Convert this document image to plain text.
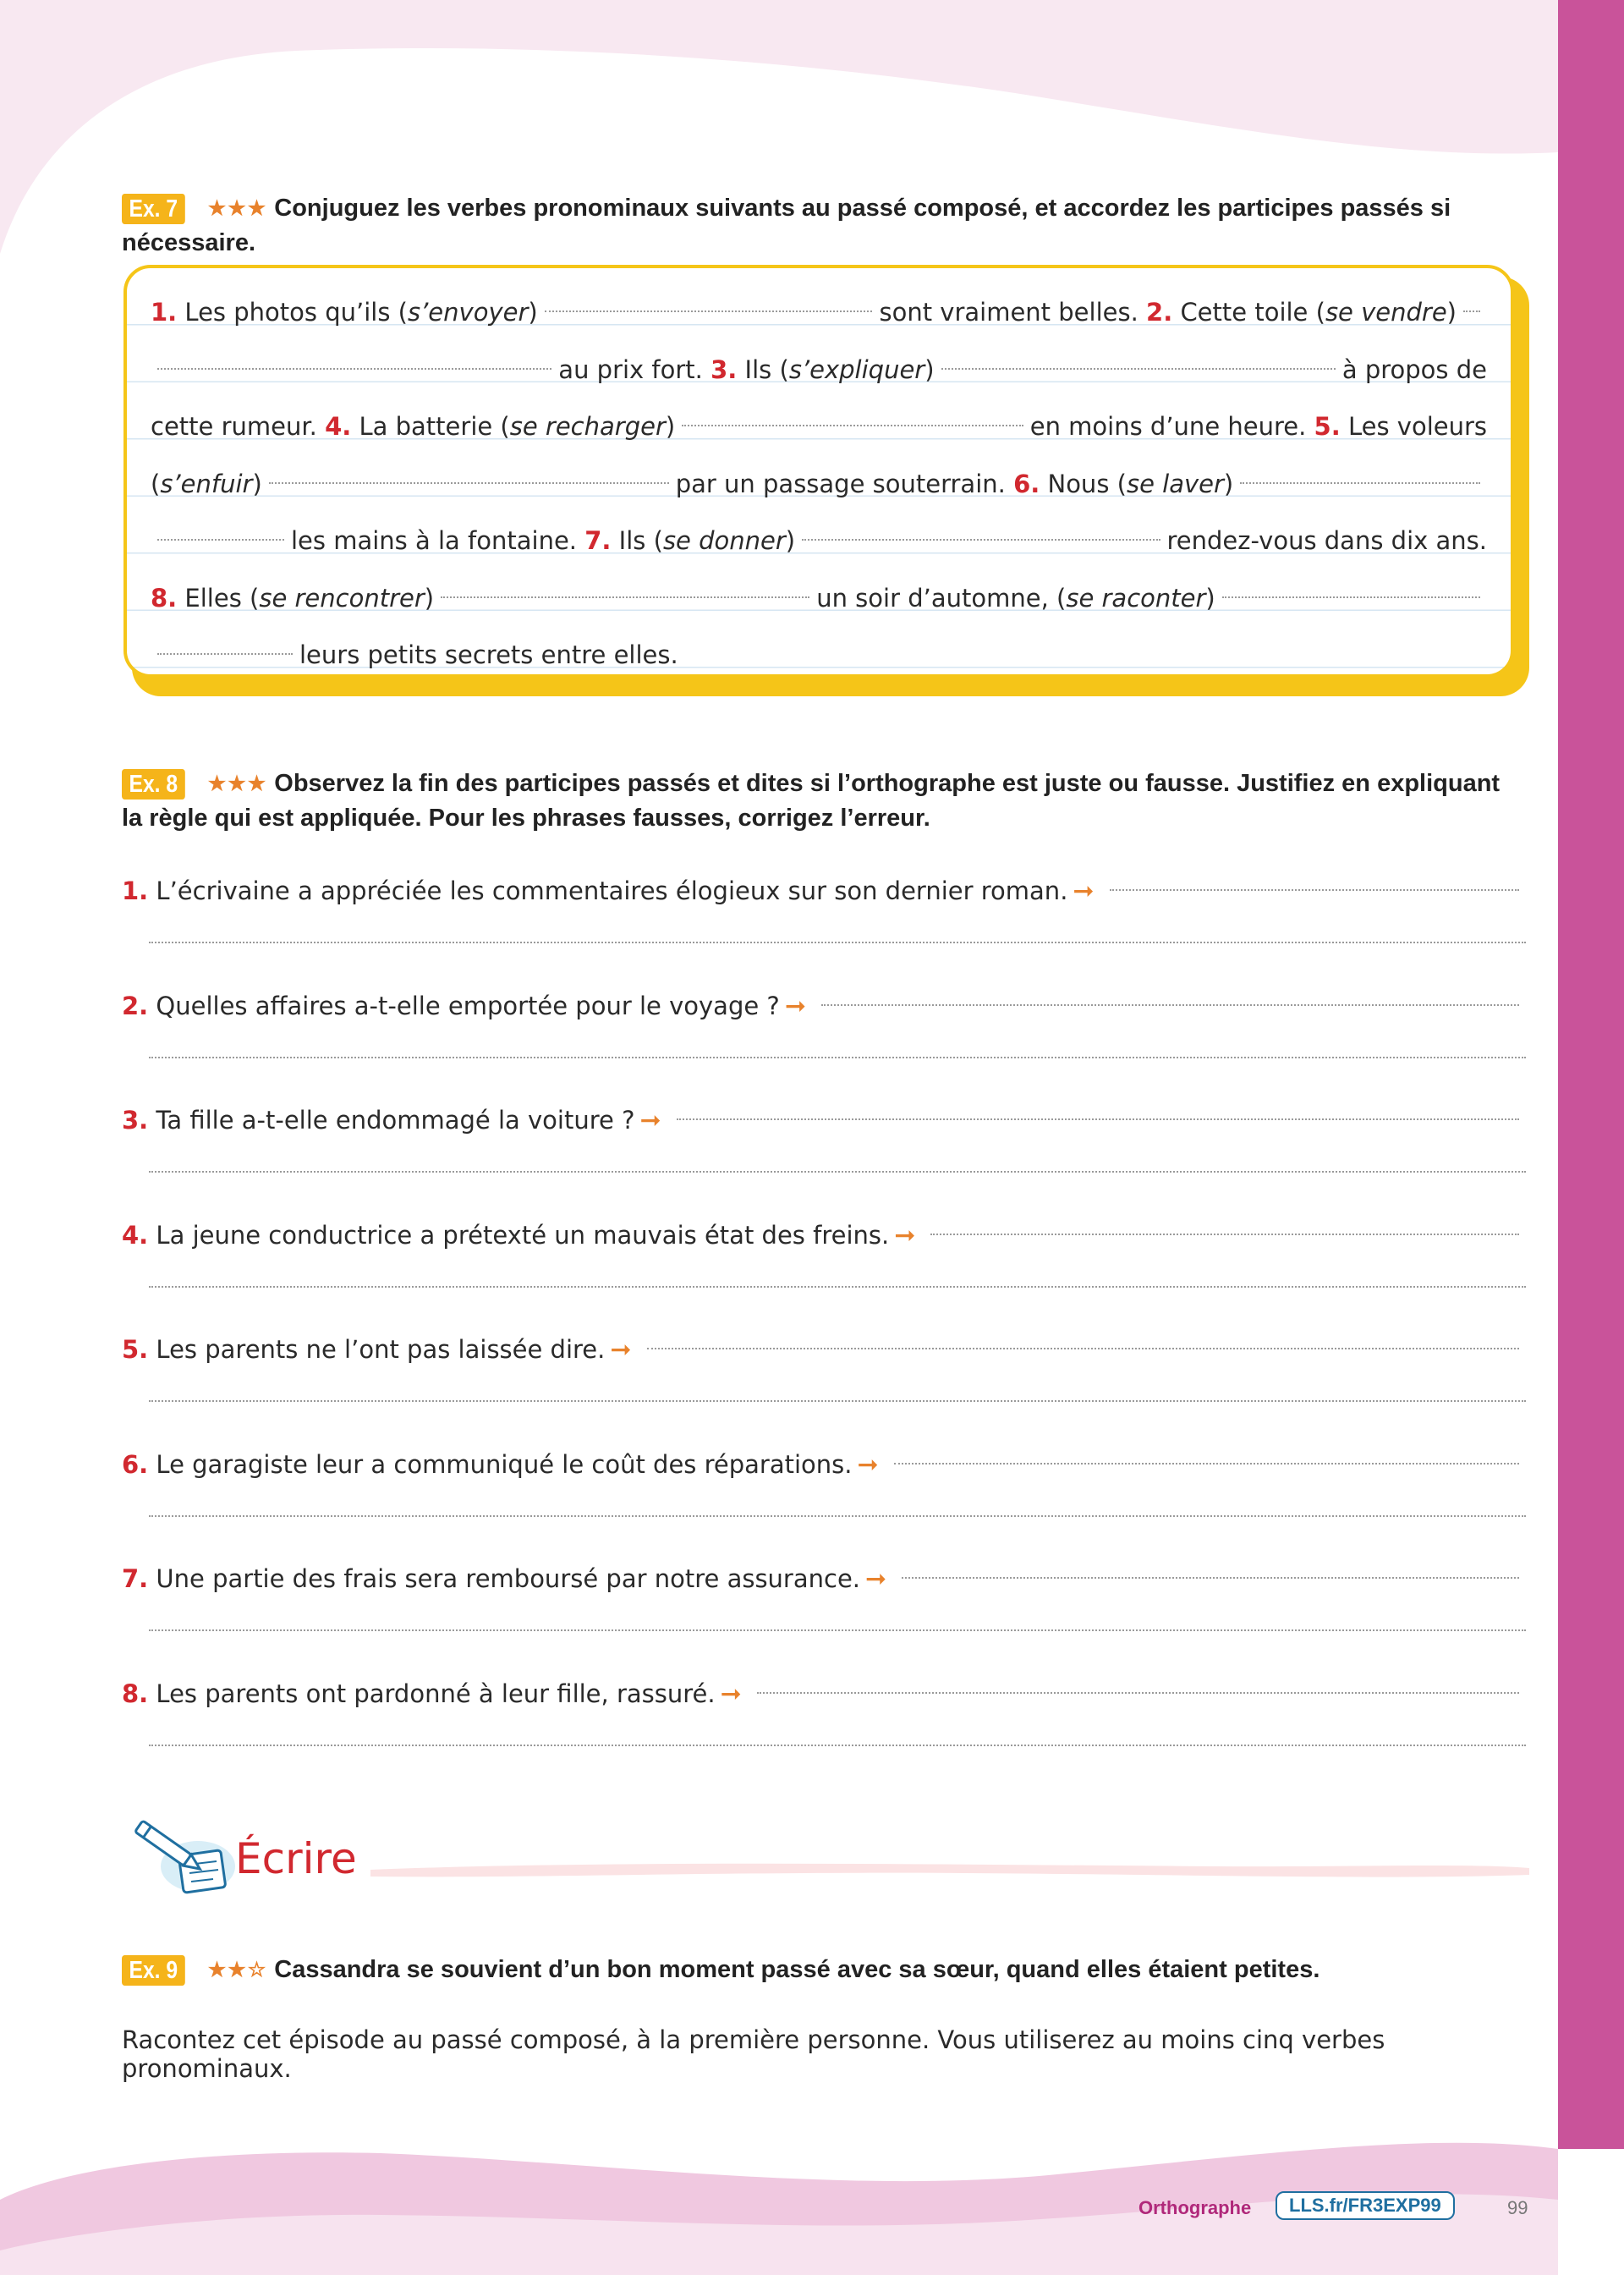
Ex. 7 ★★★ Conjuguez les verbes pronominaux suivants au passé composé, et accordez les participes passés si nécessaire.
1.
Les photos qu’ils ( s’envoyer )	sont vraiment belles.
2.
Cette toile ( se vendre )
au prix fort.
3.
Ils ( s’expliquer )	à propos de
cette rumeur.
4.
La batterie ( se recharger )	en moins d’une heure.
5.
Les voleurs
( s’enfuir )	par un passage souterrain.
6.
Nous ( se laver )
les mains à la fontaine.
7.
Ils ( se donner )	rendez-vous dans dix ans.
8.
Elles ( se rencontrer )	un soir d’automne, ( se raconter )
leurs petits secrets entre elles.
Ex. 8 ★★★ Observez la fin des participes passés et dites si l’orthographe est juste ou fausse. Justifiez en expliquant la règle qui est appliquée. Pour les phrases fausses, corrigez l’erreur.
1.
L’écrivaine a appréciée les commentaires élogieux sur son dernier roman. ➞
2.
Quelles affaires a-t-elle emportée pour le voyage ? ➞
3.
Ta fille a-t-elle endommagé la voiture ? ➞
4.
La jeune conductrice a prétexté un mauvais état des freins. ➞
5.
Les parents ne l’ont pas laissée dire. ➞
6.
Le garagiste leur a communiqué le coût des réparations. ➞
7.
Une partie des frais sera remboursé par notre assurance. ➞
8.
Les parents ont pardonné à leur fille, rassuré. ➞
Écrire
Ex. 9 ★★☆ Cassandra se souvient d’un bon moment passé avec sa sœur, quand elles étaient petites.
Racontez cet épisode au passé composé, à la première personne. Vous utiliserez au moins cinq verbes pronominaux.
Orthographe	LLS.fr/FR3EXP99	99
